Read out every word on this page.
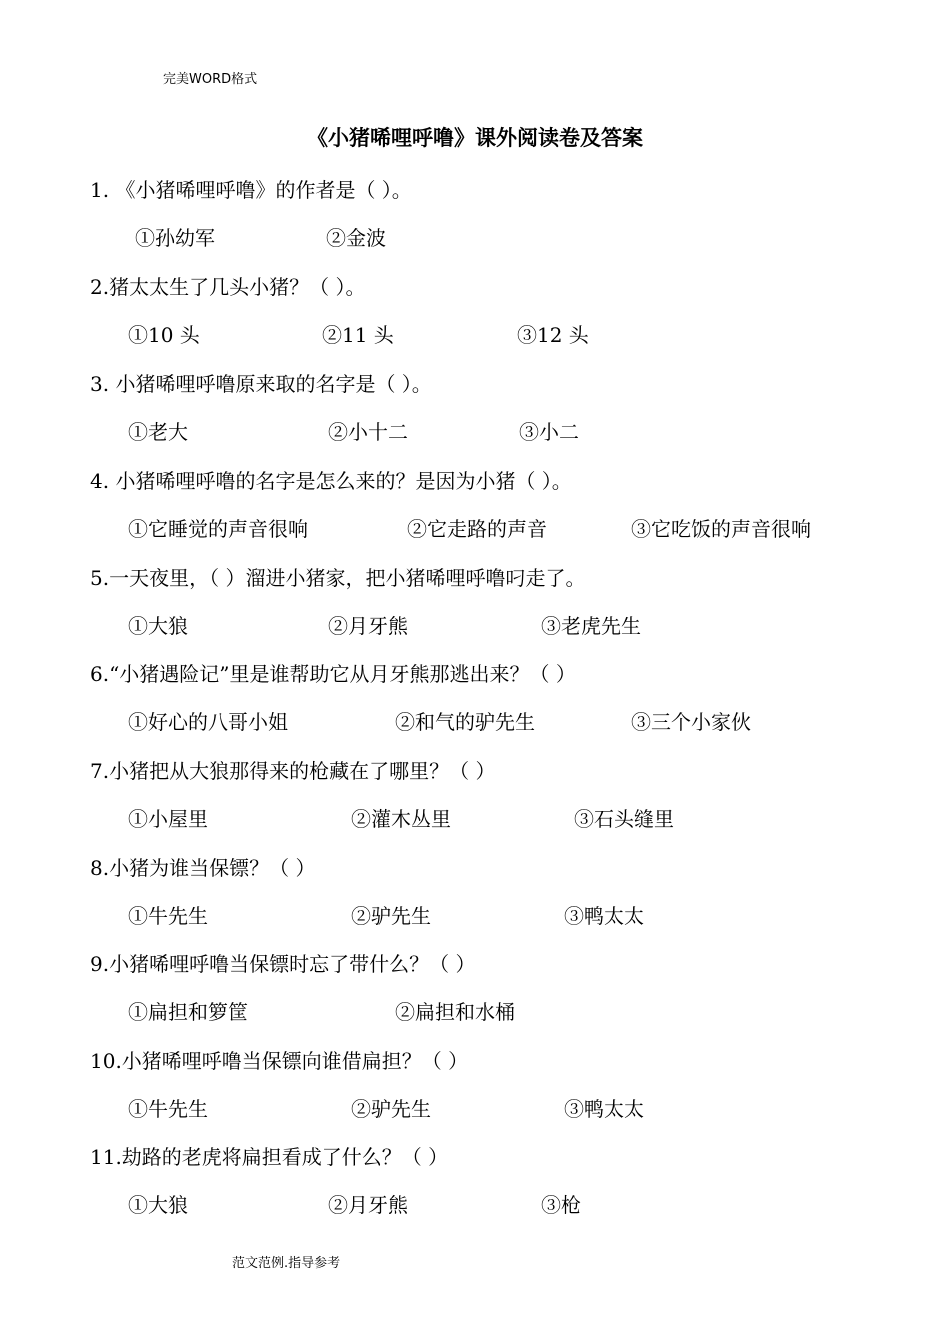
完美WORD格式
《小猪唏哩呼噜》课外阅读卷及答案
1. 《小猪唏哩呼噜》的作者是（ ）。
①孙幼军	②金波
2.猪太太生了几头小猪？（ ）。
①10 头	②11 头	③12 头
3. 小猪唏哩呼噜原来取的名字是（ ）。
①老大	②小十二	③小二
4. 小猪唏哩呼噜的名字是怎么来的？是因为小猪（ ）。
①它睡觉的声音很响	②它走路的声音	③它吃饭的声音很响
5.一天夜里，（ ）溜进小猪家，把小猪唏哩呼噜叼走了。
①大狼	②月牙熊	③老虎先生
6.“小猪遇险记”里是谁帮助它从月牙熊那逃出来？（ ）
①好心的八哥小姐	②和气的驴先生	③三个小家伙
7.小猪把从大狼那得来的枪藏在了哪里？（ ）
①小屋里	②灌木丛里	③石头缝里
8.小猪为谁当保镖？（ ）
①牛先生	②驴先生	③鸭太太
9.小猪唏哩呼噜当保镖时忘了带什么？（ ）
①扁担和箩筐	②扁担和水桶
10.小猪唏哩呼噜当保镖向谁借扁担？（ ）
①牛先生	②驴先生	③鸭太太
11.劫路的老虎将扁担看成了什么？（ ）
①大狼	②月牙熊	③枪
范文范例.指导参考
